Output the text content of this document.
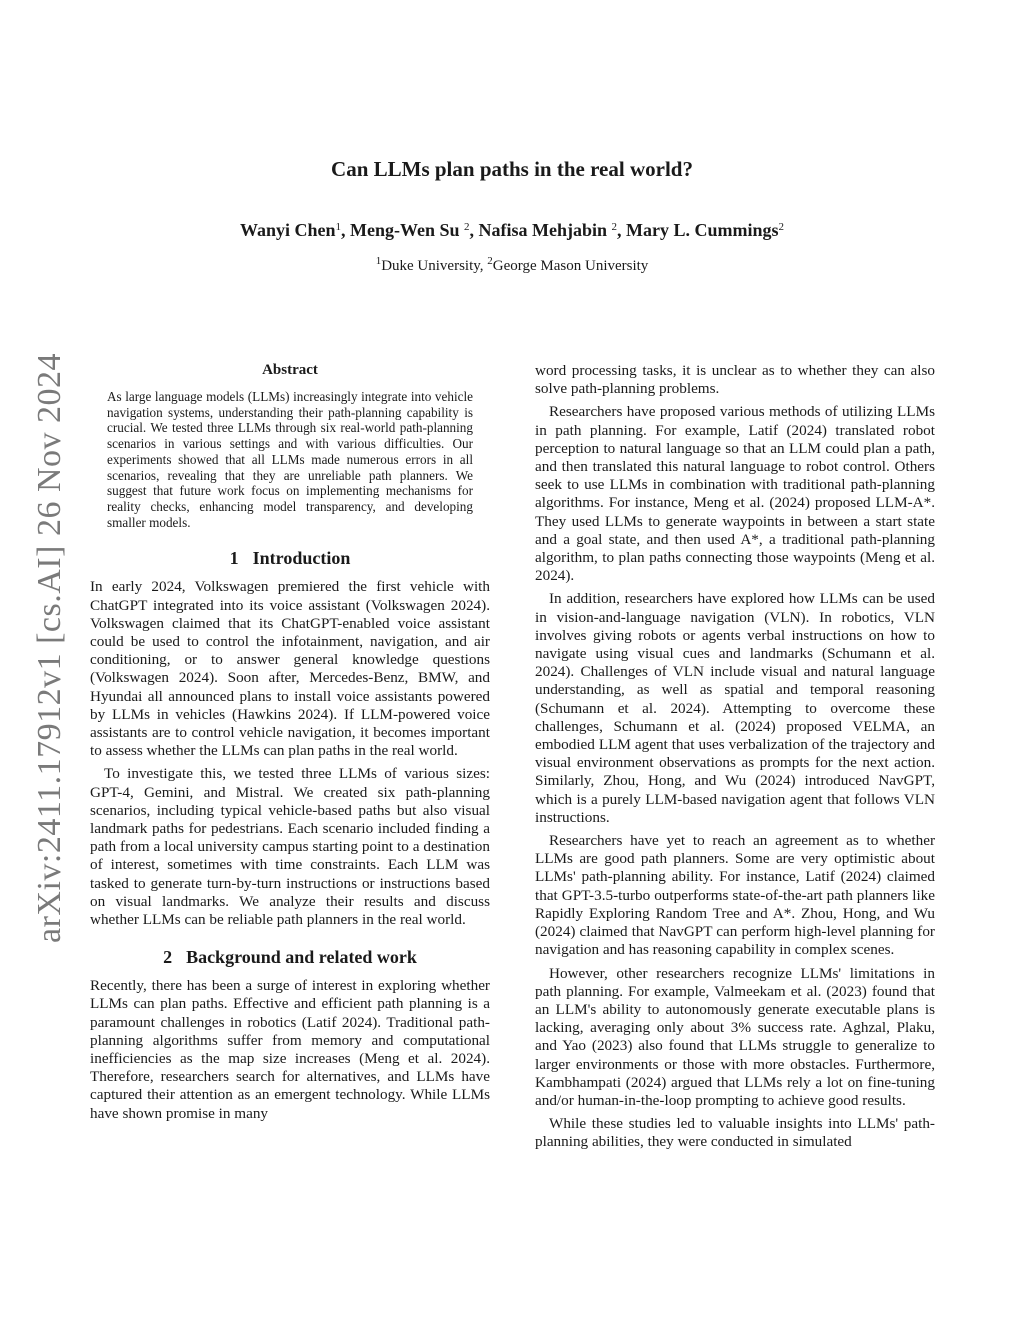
arXiv:2411.17912v1 [cs.AI] 26 Nov 2024
Can LLMs plan paths in the real world?
Wanyi Chen$^1$, Meng-Wen Su $^2$, Nafisa Mehjabin $^2$, Mary L. Cummings$^2$
$^1$Duke University, $^2$George Mason University
Abstract

As large language models (LLMs) increasingly integrate into vehicle navigation systems, understanding their path-planning capability is crucial. We tested three LLMs through six real-world path-planning scenarios in various settings and with various difficulties. Our experiments showed that all LLMs made numerous errors in all scenarios, revealing that they are unreliable path planners. We suggest that future work focus on implementing mechanisms for reality checks, enhancing model transparency, and developing smaller models.

1 Introduction

In early 2024, Volkswagen premiered the first vehicle with ChatGPT integrated into its voice assistant (Volkswagen 2024). Volkswagen claimed that its ChatGPT-enabled voice assistant could be used to control the infotainment, navigation, and air conditioning, or to answer general knowledge questions (Volkswagen 2024). Soon after, Mercedes-Benz, BMW, and Hyundai all announced plans to install voice assistants powered by LLMs in vehicles (Hawkins 2024). If LLM-powered voice assistants are to control vehicle navigation, it becomes important to assess whether the LLMs can plan paths in the real world.

To investigate this, we tested three LLMs of various sizes: GPT-4, Gemini, and Mistral. We created six path-planning scenarios, including typical vehicle-based paths but also visual landmark paths for pedestrians. Each scenario included finding a path from a local university campus starting point to a destination of interest, sometimes with time constraints. Each LLM was tasked to generate turn-by-turn instructions or instructions based on visual landmarks. We analyze their results and discuss whether LLMs can be reliable path planners in the real world.

2 Background and related work

Recently, there has been a surge of interest in exploring whether LLMs can plan paths. Effective and efficient path planning is a paramount challenges in robotics (Latif 2024). Traditional path-planning algorithms suffer from memory and computational inefficiencies as the map size increases (Meng et al. 2024). Therefore, researchers search for alternatives, and LLMs have captured their attention as an emergent technology. While LLMs have shown promise in many

word processing tasks, it is unclear as to whether they can also solve path-planning problems.

Researchers have proposed various methods of utilizing LLMs in path planning. For example, Latif (2024) translated robot perception to natural language so that an LLM could plan a path, and then translated this natural language to robot control. Others seek to use LLMs in combination with traditional path-planning algorithms. For instance, Meng et al. (2024) proposed LLM-A*. They used LLMs to generate waypoints in between a start state and a goal state, and then used A*, a traditional path-planning algorithm, to plan paths connecting those waypoints (Meng et al. 2024).

In addition, researchers have explored how LLMs can be used in vision-and-language navigation (VLN). In robotics, VLN involves giving robots or agents verbal instructions on how to navigate using visual cues and landmarks (Schumann et al. 2024). Challenges of VLN include visual and natural language understanding, as well as spatial and temporal reasoning (Schumann et al. 2024). Attempting to overcome these challenges, Schumann et al. (2024) proposed VELMA, an embodied LLM agent that uses verbalization of the trajectory and visual environment observations as prompts for the next action. Similarly, Zhou, Hong, and Wu (2024) introduced NavGPT, which is a purely LLM-based navigation agent that follows VLN instructions.

Researchers have yet to reach an agreement as to whether LLMs are good path planners. Some are very optimistic about LLMs' path-planning ability. For instance, Latif (2024) claimed that GPT-3.5-turbo outperforms state-of-the-art path planners like Rapidly Exploring Random Tree and A*. Zhou, Hong, and Wu (2024) claimed that NavGPT can perform high-level planning for navigation and has reasoning capability in complex scenes.

However, other researchers recognize LLMs' limitations in path planning. For example, Valmeekam et al. (2023) found that an LLM's ability to autonomously generate executable plans is lacking, averaging only about 3% success rate. Aghzal, Plaku, and Yao (2023) also found that LLMs struggle to generalize to larger environments or those with more obstacles. Furthermore, Kambhampati (2024) argued that LLMs rely a lot on fine-tuning and/or human-in-the-loop prompting to achieve good results.

While these studies led to valuable insights into LLMs' path-planning abilities, they were conducted in simulated
